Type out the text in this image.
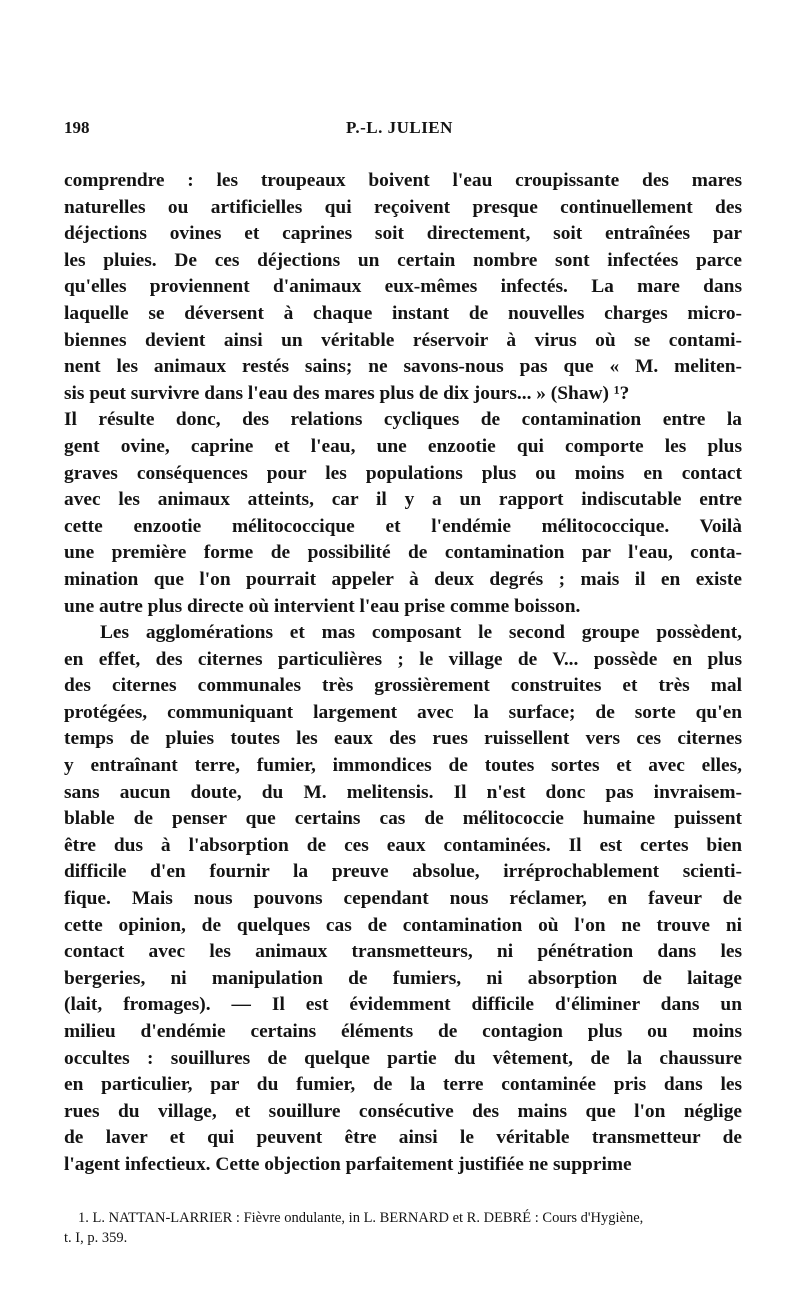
198	P.-L. JULIEN
comprendre : les troupeaux boivent l'eau croupissante des mares
naturelles ou artificielles qui reçoivent presque continuellement des
déjections ovines et caprines soit directement, soit entraînées par
les pluies. De ces déjections un certain nombre sont infectées parce
qu'elles proviennent d'animaux eux-mêmes infectés. La mare dans
laquelle se déversent à chaque instant de nouvelles charges micro-
biennes devient ainsi un véritable réservoir à virus où se contami-
nent les animaux restés sains; ne savons-nous pas que « M. meliten-
sis peut survivre dans l'eau des mares plus de dix jours... » (Shaw) ¹?
Il résulte donc, des relations cycliques de contamination entre la
gent ovine, caprine et l'eau, une enzootie qui comporte les plus
graves conséquences pour les populations plus ou moins en contact
avec les animaux atteints, car il y a un rapport indiscutable entre
cette enzootie mélitococcique et l'endémie mélitococcique. Voilà
une première forme de possibilité de contamination par l'eau, conta-
mination que l'on pourrait appeler à deux degrés ; mais il en existe
une autre plus directe où intervient l'eau prise comme boisson.
Les agglomérations et mas composant le second groupe possèdent,
en effet, des citernes particulières ; le village de V... possède en plus
des citernes communales très grossièrement construites et très mal
protégées, communiquant largement avec la surface; de sorte qu'en
temps de pluies toutes les eaux des rues ruissellent vers ces citernes
y entraînant terre, fumier, immondices de toutes sortes et avec elles,
sans aucun doute, du M. melitensis. Il n'est donc pas invraisem-
blable de penser que certains cas de mélitococcie humaine puissent
être dus à l'absorption de ces eaux contaminées. Il est certes bien
difficile d'en fournir la preuve absolue, irréprochablement scienti-
fique. Mais nous pouvons cependant nous réclamer, en faveur de
cette opinion, de quelques cas de contamination où l'on ne trouve ni
contact avec les animaux transmetteurs, ni pénétration dans les
bergeries, ni manipulation de fumiers, ni absorption de laitage
(lait, fromages). — Il est évidemment difficile d'éliminer dans un
milieu d'endémie certains éléments de contagion plus ou moins
occultes : souillures de quelque partie du vêtement, de la chaussure
en particulier, par du fumier, de la terre contaminée pris dans les
rues du village, et souillure consécutive des mains que l'on néglige
de laver et qui peuvent être ainsi le véritable transmetteur de
l'agent infectieux. Cette objection parfaitement justifiée ne supprime
1. L. NATTAN-LARRIER : Fièvre ondulante, in L. BERNARD et R. DEBRÉ : Cours d'Hygiène,
t. I, p. 359.
